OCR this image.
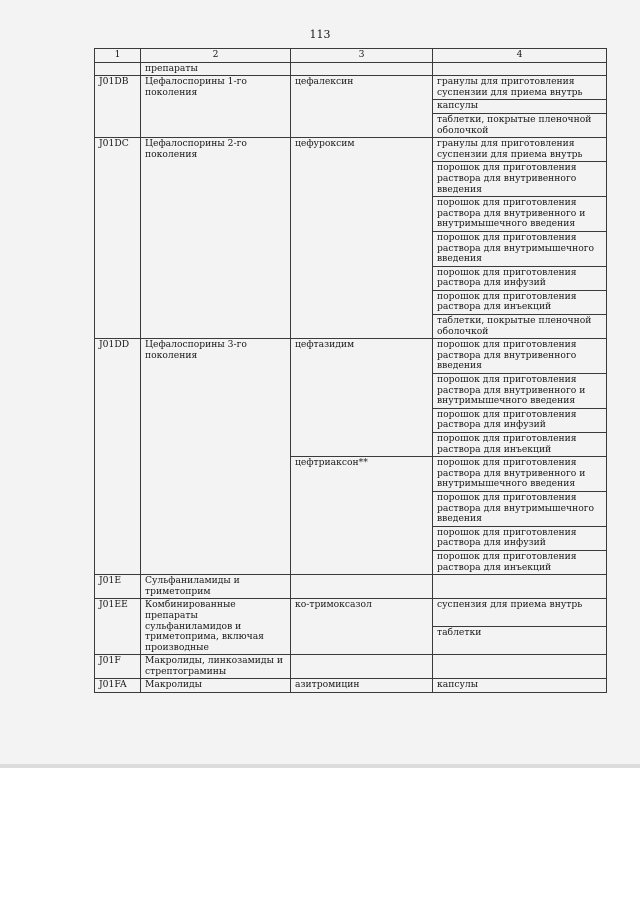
113
1	2	3	4
	препараты		
J01DB	Цефалоспорины 1-го поколения	цефалексин	гранулы для приготовления суспензии для приема внутрь
			капсулы
			таблетки, покрытые пленочной оболочкой
J01DC	Цефалоспорины 2-го поколения	цефуроксим	гранулы для приготовления суспензии для приема внутрь
			порошок для приготовления раствора для внутривенного введения
			порошок для приготовления раствора для внутривенного и внутримышечного введения
			порошок для приготовления раствора для внутримышечного введения
			порошок для приготовления раствора для инфузий
			порошок для приготовления раствора для инъекций
			таблетки, покрытые пленочной оболочкой
J01DD	Цефалоспорины 3-го поколения	цефтазидим	порошок для приготовления раствора для внутривенного введения
			порошок для приготовления раствора для внутривенного и внутримышечного введения
			порошок для приготовления раствора для инфузий
			порошок для приготовления раствора для инъекций
		цефтриаксон**	порошок для приготовления раствора для внутривенного и внутримышечного введения
			порошок для приготовления раствора для внутримышечного введения
			порошок для приготовления раствора для инфузий
			порошок для приготовления раствора для инъекций
J01E	Сульфаниламиды и триметоприм		
J01EE	Комбинированные препараты сульфаниламидов и триметоприма, включая производные	ко-тримоксазол	суспензия для приема внутрь
			таблетки
J01F	Макролиды, линкозамиды и стрептограмины		
J01FA	Макролиды	азитромицин	капсулы
